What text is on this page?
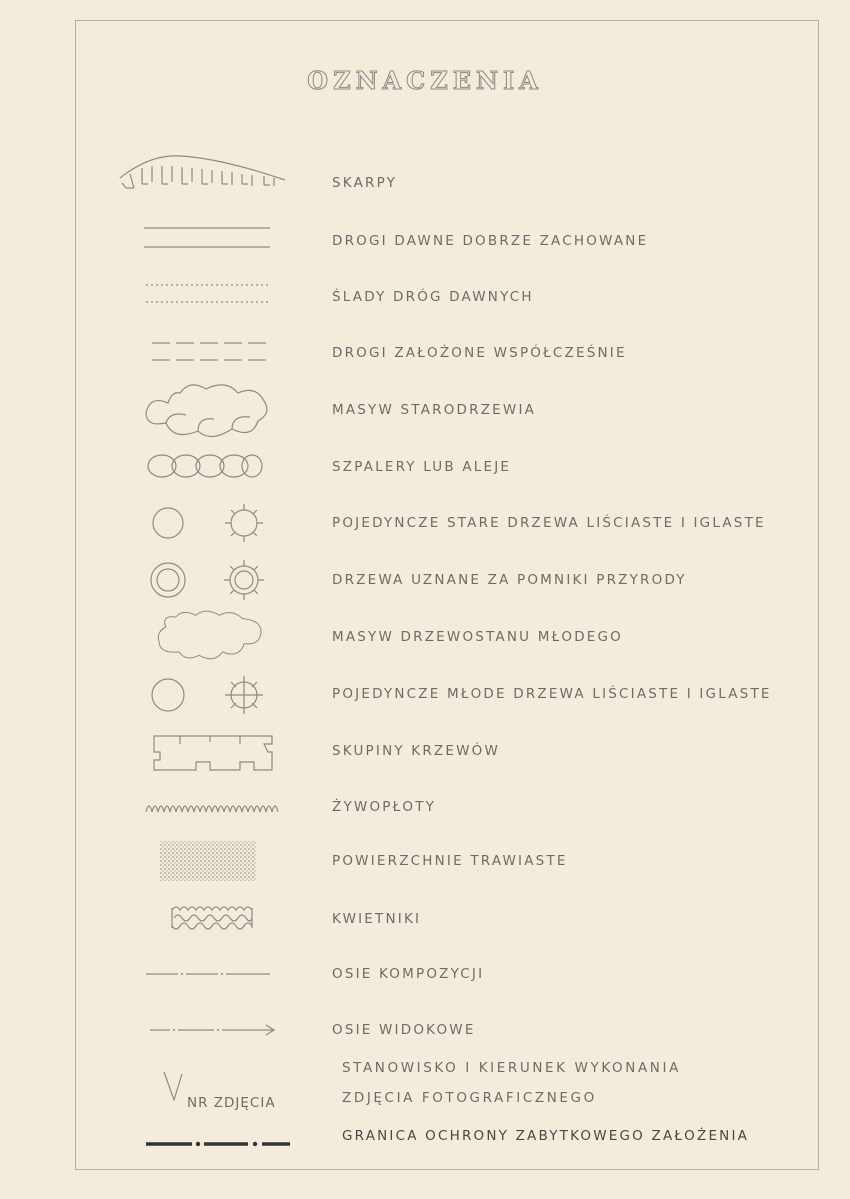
OZNACZENIA
SKARPY
DROGI DAWNE DOBRZE ZACHOWANE
ŚLADY DRÓG DAWNYCH
DROGI ZAŁOŻONE WSPÓŁCZEŚNIE
MASYW STARODRZEWIA
SZPALERY LUB ALEJE
POJEDYNCZE STARE DRZEWA LIŚCIASTE I IGLASTE
DRZEWA UZNANE ZA POMNIKI PRZYRODY
MASYW DRZEWOSTANU MŁODEGO
POJEDYNCZE MŁODE DRZEWA LIŚCIASTE I IGLASTE
SKUPINY KRZEWÓW
ŻYWOPŁOTY
POWIERZCHNIE TRAWIASTE
KWIETNIKI
OSIE KOMPOZYCJI
OSIE WIDOKOWE
STANOWISKO I KIERUNEK WYKONANIA
ZDJĘCIA FOTOGRAFICZNEGO
NR ZDJĘCIA
GRANICA OCHRONY ZABYTKOWEGO ZAŁOŻENIA
